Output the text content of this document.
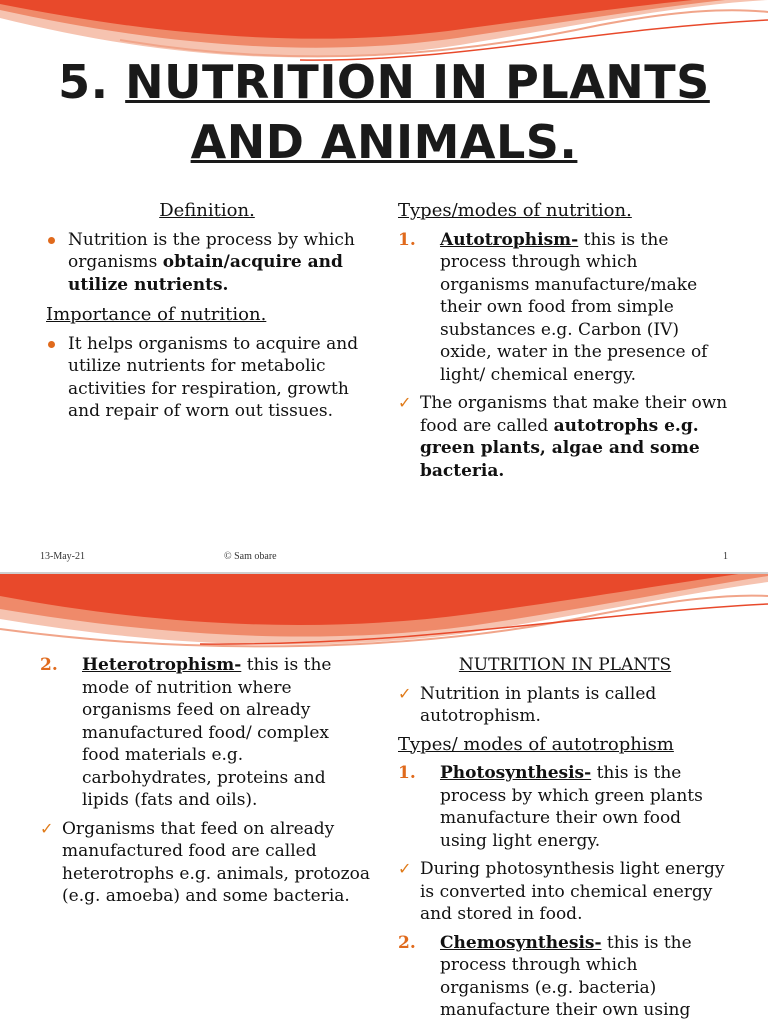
5. NUTRITION IN PLANTS
AND ANIMALS.
Definition.
Nutrition is the process by which organisms obtain/acquire and utilize nutrients.
Importance of nutrition.
It helps organisms to acquire and utilize nutrients for metabolic activities for respiration, growth and repair of worn out tissues.
Types/modes of nutrition.
1. Autotrophism- this is the process through which organisms manufacture/make their own food from simple substances e.g. Carbon (IV) oxide, water in the presence of light/ chemical energy.
✓ The organisms that make their own food are called autotrophs e.g. green plants, algae and some bacteria.
13-May-21	© Sam obare	1
2. Heterotrophism- this is the mode of nutrition where organisms feed on already manufactured food/ complex food materials e.g. carbohydrates, proteins and lipids (fats and oils).
✓ Organisms that feed on already manufactured food are called heterotrophs e.g. animals, protozoa (e.g. amoeba) and some bacteria.
NUTRITION IN PLANTS
✓ Nutrition in plants is called autotrophism.
Types/ modes of autotrophism
1. Photosynthesis- this is the process by which green plants manufacture their own food using light energy.
✓ During photosynthesis light energy is converted into chemical energy and stored in food.
2. Chemosynthesis- this is the process through which organisms (e.g. bacteria) manufacture their own using
